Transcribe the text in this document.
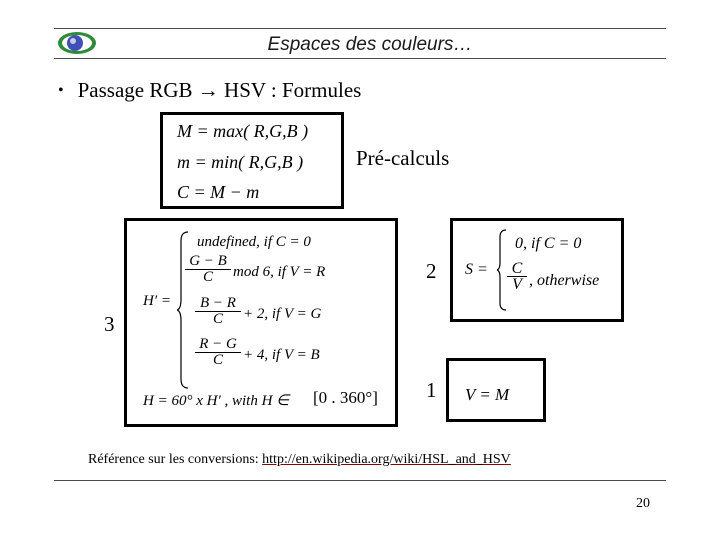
Espaces des couleurs…
• Passage RGB → HSV : Formules
M = max( R,G,B )
m = min( R,G,B )
C = M − m
Pré-calculs
H′ =
undefined, if C = 0
$\frac{G - B}{C}$ mod 6, if V = R
$\frac{B - R}{C} + 2$, if V = G
$\frac{R - G}{C} + 4$, if V = B
H = 60° x H′ , with H ∈ [0 . 360°]
3
2 S =
0, if C = 0
$\frac{C}{V}$ , otherwise
1 V = M
Référence sur les conversions: http://en.wikipedia.org/wiki/HSL_and_HSV
20
